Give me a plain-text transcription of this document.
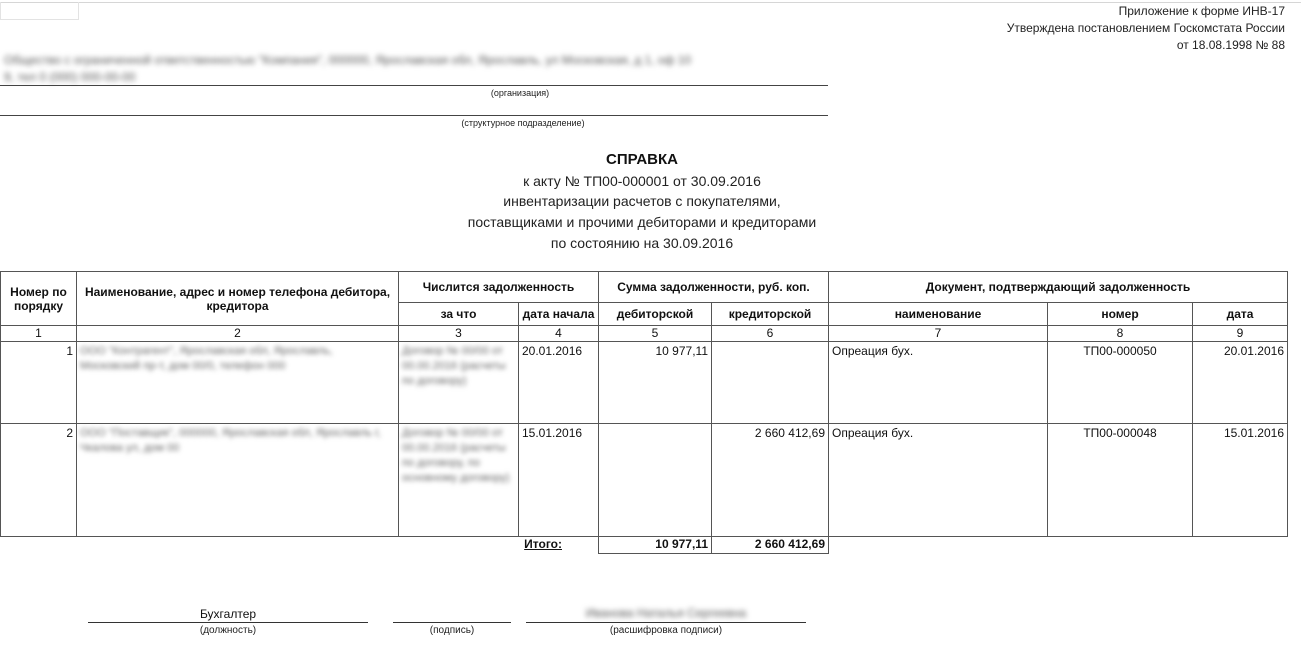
Приложение к форме ИНВ-17
Утверждена постановлением Госкомстата России
от 18.08.1998 № 88
Общество с ограниченной ответственностью "Компания", 000000, Ярославская обл, Ярославль, ул Московская, д 1, оф 10
9, тел 0 (000) 000-00-00
(организация)
(структурное подразделение)
СПРАВКА
к акту № ТП00-000001 от 30.09.2016
инвентаризации расчетов с покупателями,
поставщиками и прочими дебиторами и кредиторами
по состоянию на 30.09.2016
Номер по порядку	Наименование, адрес и номер телефона дебитора, кредитора	Числится задолженность		Сумма задолженности, руб. коп.		Документ, подтверждающий задолженность		
		за что	дата начала	дебиторской	кредиторской	наименование	номер	дата
1	2	3	4	5	6	7	8	9
1	ООО "Контрагент", Ярославская обл, Ярославль, Московский пр-т, дом 00/0, телефон 000	Договор № 00/00 от 00.00.2016 (расчеты по договору)	20.01.2016	10 977,11		Опреация бух.	ТП00-000050	20.01.2016
2	ООО "Поставщик", 000000, Ярославская обл, Ярославль г, Чкалова ул, дом 00	Договор № 00/00 от 00.00.2016 (расчеты по договору, по основному договору)	15.01.2016		2 660 412,69	Опреация бух.	ТП00-000048	15.01.2016
			Итого:	10 977,11	2 660 412,69			
Бухгалтер
(должность)	(подпись)
Иванова Наталья Сергеевна
(расшифровка подписи)
